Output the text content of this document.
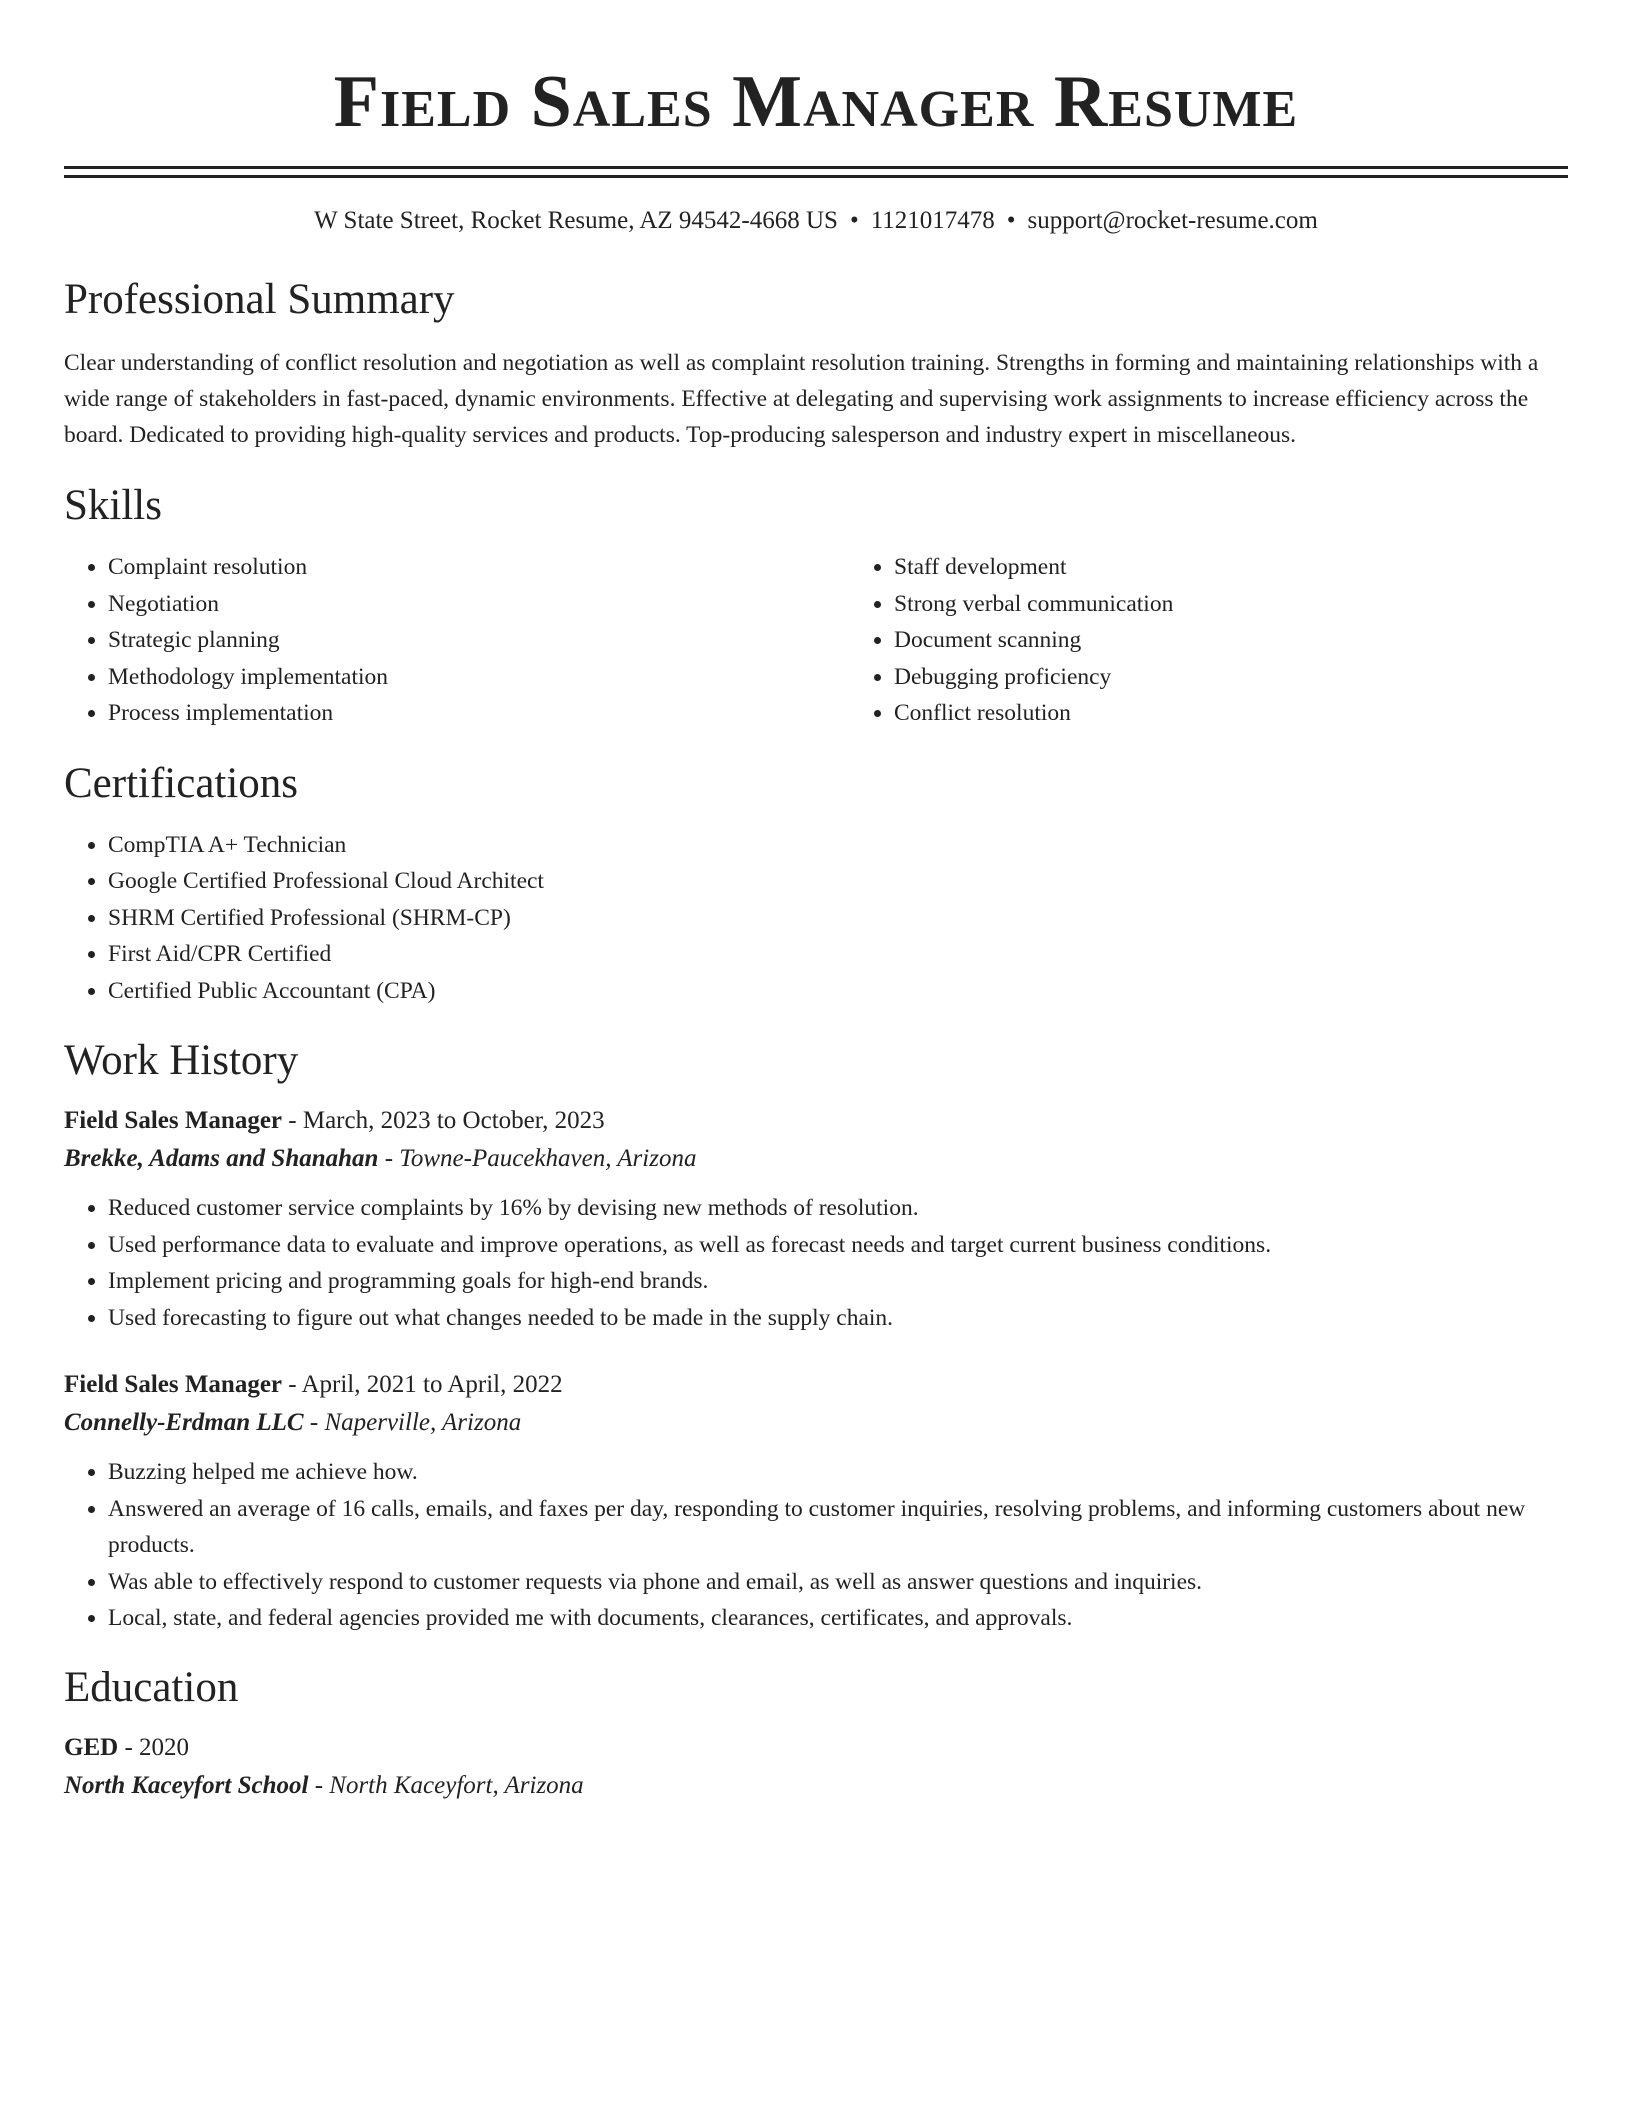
Field Sales Manager Resume
W State Street, Rocket Resume, AZ 94542-4668 US • 1121017478 • support@rocket-resume.com
Professional Summary

Clear understanding of conflict resolution and negotiation as well as complaint resolution training. Strengths in forming and maintaining relationships with a wide range of stakeholders in fast-paced, dynamic environments. Effective at delegating and supervising work assignments to increase efficiency across the board. Dedicated to providing high-quality services and products. Top-producing salesperson and industry expert in miscellaneous.

Skills
• Complaint resolution
• Negotiation
• Strategic planning
• Methodology implementation
• Process implementation
• Staff development
• Strong verbal communication
• Document scanning
• Debugging proficiency
• Conflict resolution
Certifications
• CompTIA A+ Technician
• Google Certified Professional Cloud Architect
• SHRM Certified Professional (SHRM-CP)
• First Aid/CPR Certified
• Certified Public Accountant (CPA)
Work History
Field Sales Manager - March, 2023 to October, 2023
Brekke, Adams and Shanahan - Towne-Paucekhaven, Arizona
• Reduced customer service complaints by 16% by devising new methods of resolution.
• Used performance data to evaluate and improve operations, as well as forecast needs and target current business conditions.
• Implement pricing and programming goals for high-end brands.
• Used forecasting to figure out what changes needed to be made in the supply chain.
Field Sales Manager - April, 2021 to April, 2022
Connelly-Erdman LLC - Naperville, Arizona
• Buzzing helped me achieve how.
• Answered an average of 16 calls, emails, and faxes per day, responding to customer inquiries, resolving problems, and informing customers about new products.
• Was able to effectively respond to customer requests via phone and email, as well as answer questions and inquiries.
• Local, state, and federal agencies provided me with documents, clearances, certificates, and approvals.
Education
GED - 2020
North Kaceyfort School - North Kaceyfort, Arizona
